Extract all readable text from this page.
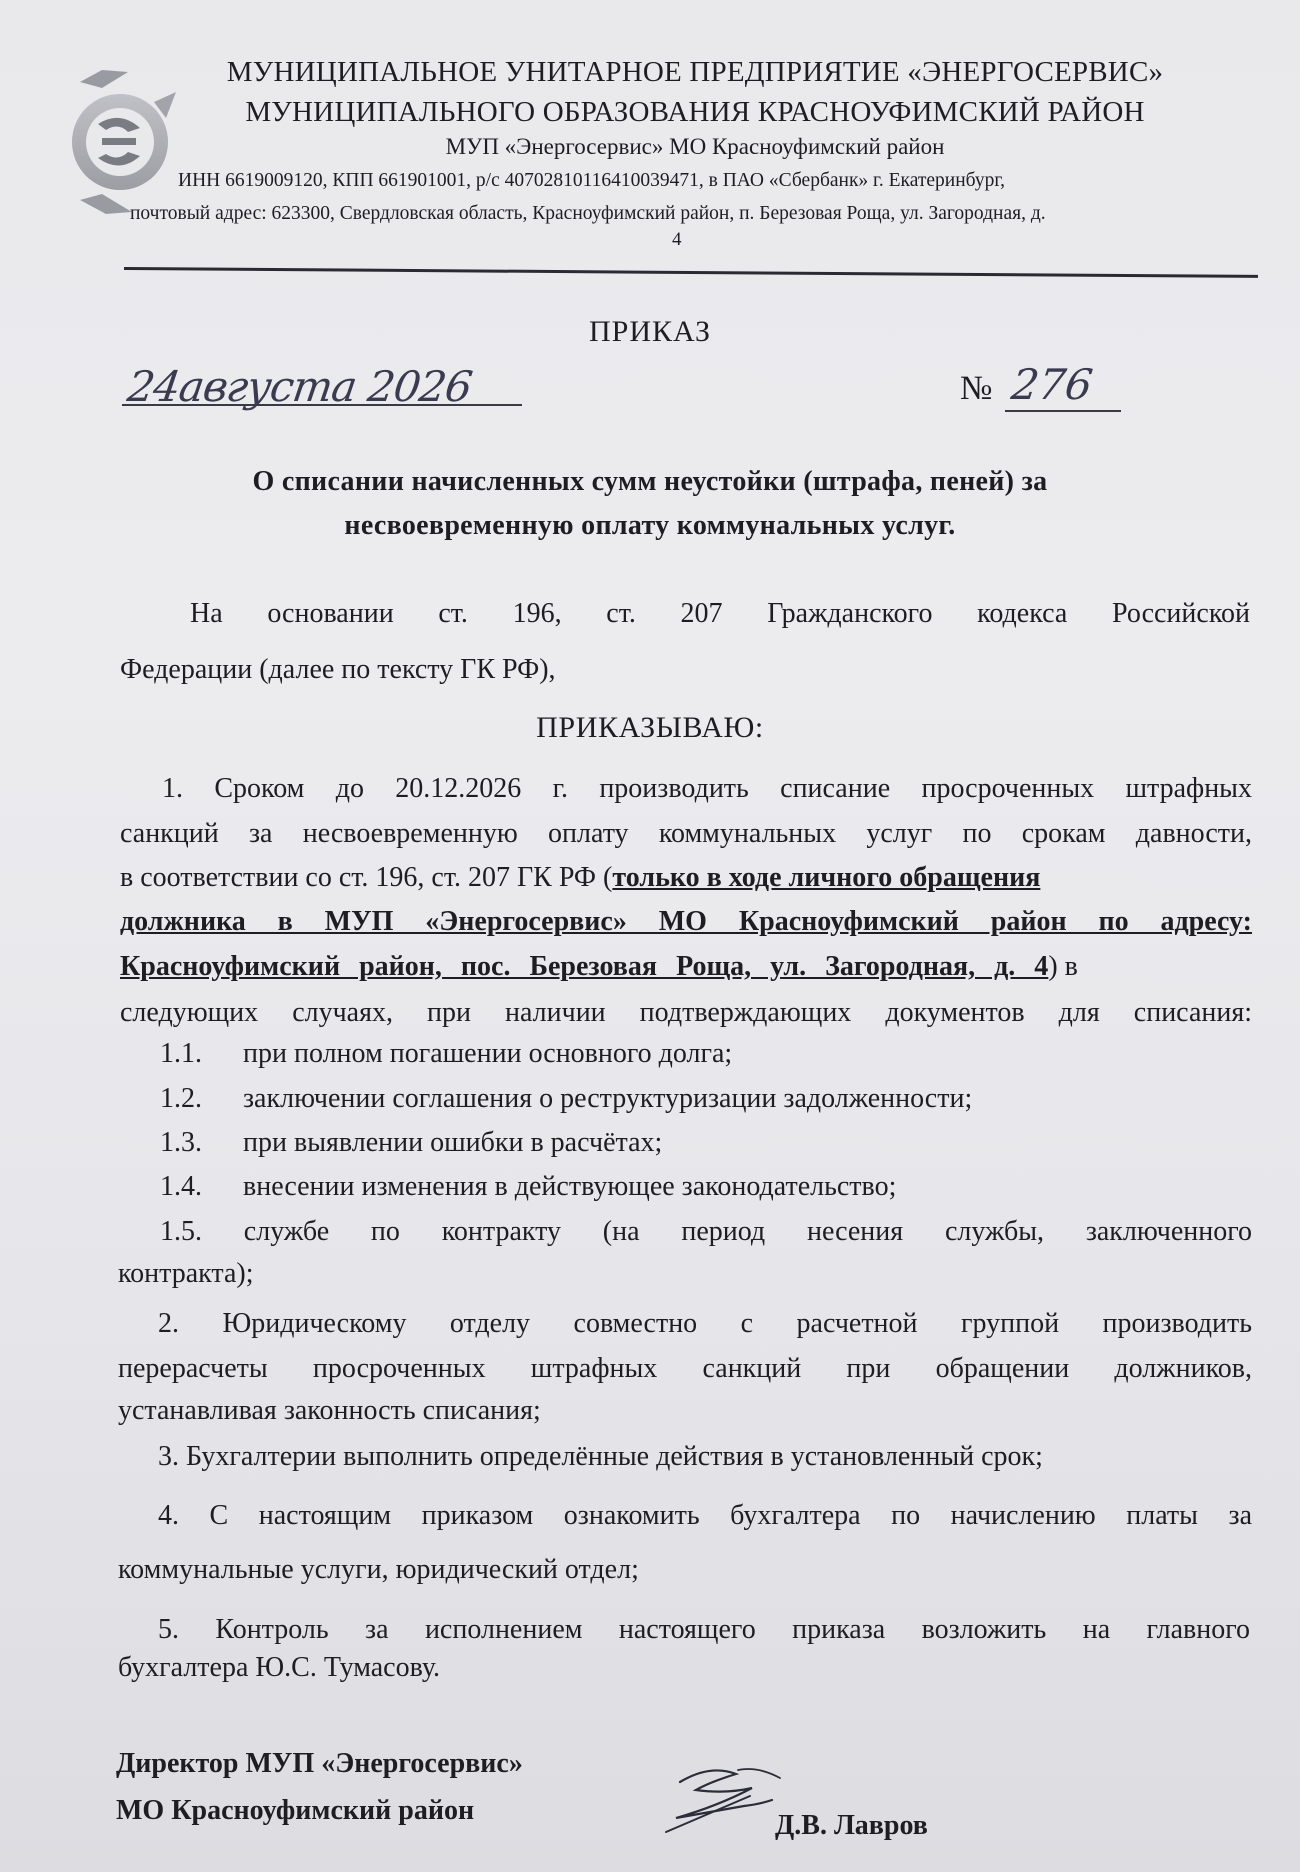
МУНИЦИПАЛЬНОЕ УНИТАРНОЕ ПРЕДПРИЯТИЕ «ЭНЕРГОСЕРВИС»
МУНИЦИПАЛЬНОГО ОБРАЗОВАНИЯ КРАСНОУФИМСКИЙ РАЙОН
МУП «Энергосервис» МО Красноуфимский район
ИНН 6619009120, КПП 661901001, р/с 40702810116410039471, в ПАО «Сбербанк» г. Екатеринбург,
почтовый адрес: 623300, Свердловская область, Красноуфимский район, п. Березовая Роща, ул. Загородная, д.
4
ПРИКАЗ
24августа 2026	№ 276
О списании начисленных сумм неустойки (штрафа, пеней) за
несвоевременную оплату коммунальных услуг.
На основании ст. 196, ст. 207 Гражданского кодекса Российской
Федерации (далее по тексту ГК РФ),
ПРИКАЗЫВАЮ:
1. Сроком до 20.12.2026 г. производить списание просроченных штрафных
санкций за несвоевременную оплату коммунальных услуг по срокам давности,
в соответствии со ст. 196, ст. 207 ГК РФ (только в ходе личного обращения
должника в МУП «Энергосервис» МО Красноуфимский район по адресу:
Красноуфимский район, пос. Березовая Роща, ул. Загородная, д. 4) в
следующих случаях, при наличии подтверждающих документов для списания:
1.1. при полном погашении основного долга;
1.2. заключении соглашения о реструктуризации задолженности;
1.3. при выявлении ошибки в расчётах;
1.4. внесении изменения в действующее законодательство;
1.5. службе по контракту (на период несения службы, заключенного
контракта);
2. Юридическому отделу совместно с расчетной группой производить
перерасчеты просроченных штрафных санкций при обращении должников,
устанавливая законность списания;
3. Бухгалтерии выполнить определённые действия в установленный срок;
4. С настоящим приказом ознакомить бухгалтера по начислению платы за
коммунальные услуги, юридический отдел;
5. Контроль за исполнением настоящего приказа возложить на главного
бухгалтера Ю.С. Тумасову.
Директор МУП «Энергосервис»
МО Красноуфимский район	Д.В. Лавров
